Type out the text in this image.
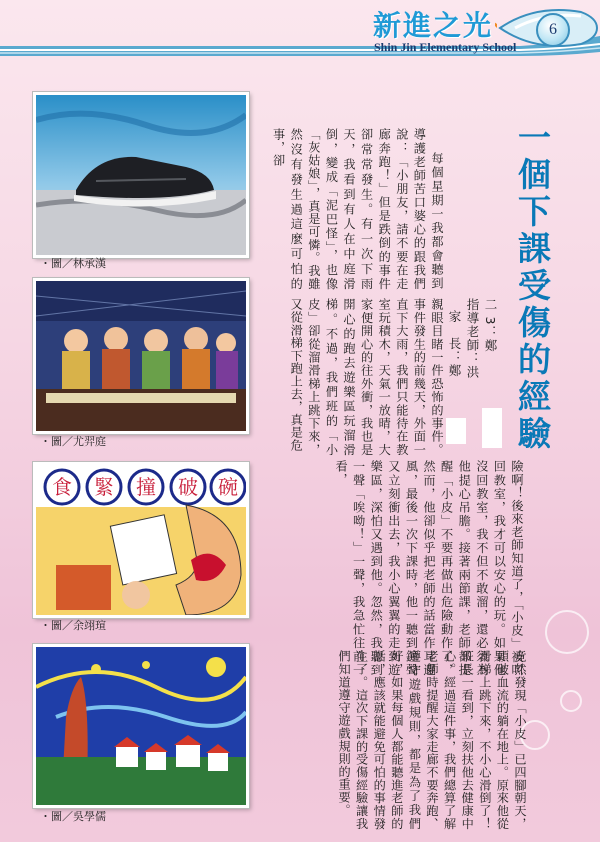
新進之光
Shin Jin Elementary School
6
・圖／林承漢
・圖／尤羿庭
食 緊 撞 破 碗
・圖／余翊瑄
・圖／吳學儒
一個下課受傷的經驗
二 3：鄭
指導老師：洪
家　長：鄭

每個星期一我都會聽到導護老師苦口婆心的跟我們說：「小朋友，請不要在走廊奔跑！」但是跌倒的事件卻常常發生。有一次下雨天，我看到有人在中庭滑倒，變成「泥巴怪」，也像「灰姑娘」，真是可憐。我雖然沒有發生過這麼可怕的事，卻

親眼目睹一件恐怖的事件。事件發生的前幾天，外面一直下大雨，我們只能待在教室玩積木，天氣一放晴，大家便開心的往外衝，我也是開心的跑去遊樂區玩溜滑梯。不過，我們班的「小皮」卻從溜滑梯上跳下來，又從滑梯下跑上去，真是危

險啊！後來老師知道了，「小皮」被叫回教室，我才可以安心的玩。如果他沒回教室，我不但不敢溜，還必須為他提心吊膽。接著兩節課，老師都提醒「小皮」不要再做出危險動作了，然而，他卻似乎把老師的話當作耳邊風，最後一次下課時，他一聽到鐘聲又立刻衝出去，我小心翼翼的走到遊樂區，深怕又遇到他。忽然，我聽到一聲「唉呦！」一聲，我急忙往前一看，

竟然發現「小皮」已四腳朝天，頭破血流的躺在地上。原來他從滑梯上跳下來，不小心滑倒了！班長一看到，立刻扶他去健康中心。經過這件事，我們總算了解老師時提醒大家走廊不要奔跑、遵守遊戲規則，都是為了我們好，如果每個人都能聽進老師的話，應該就能避免可怕的事情發生了。這次下課的受傷經驗讓我們知道遵守遊戲規則的重要。
